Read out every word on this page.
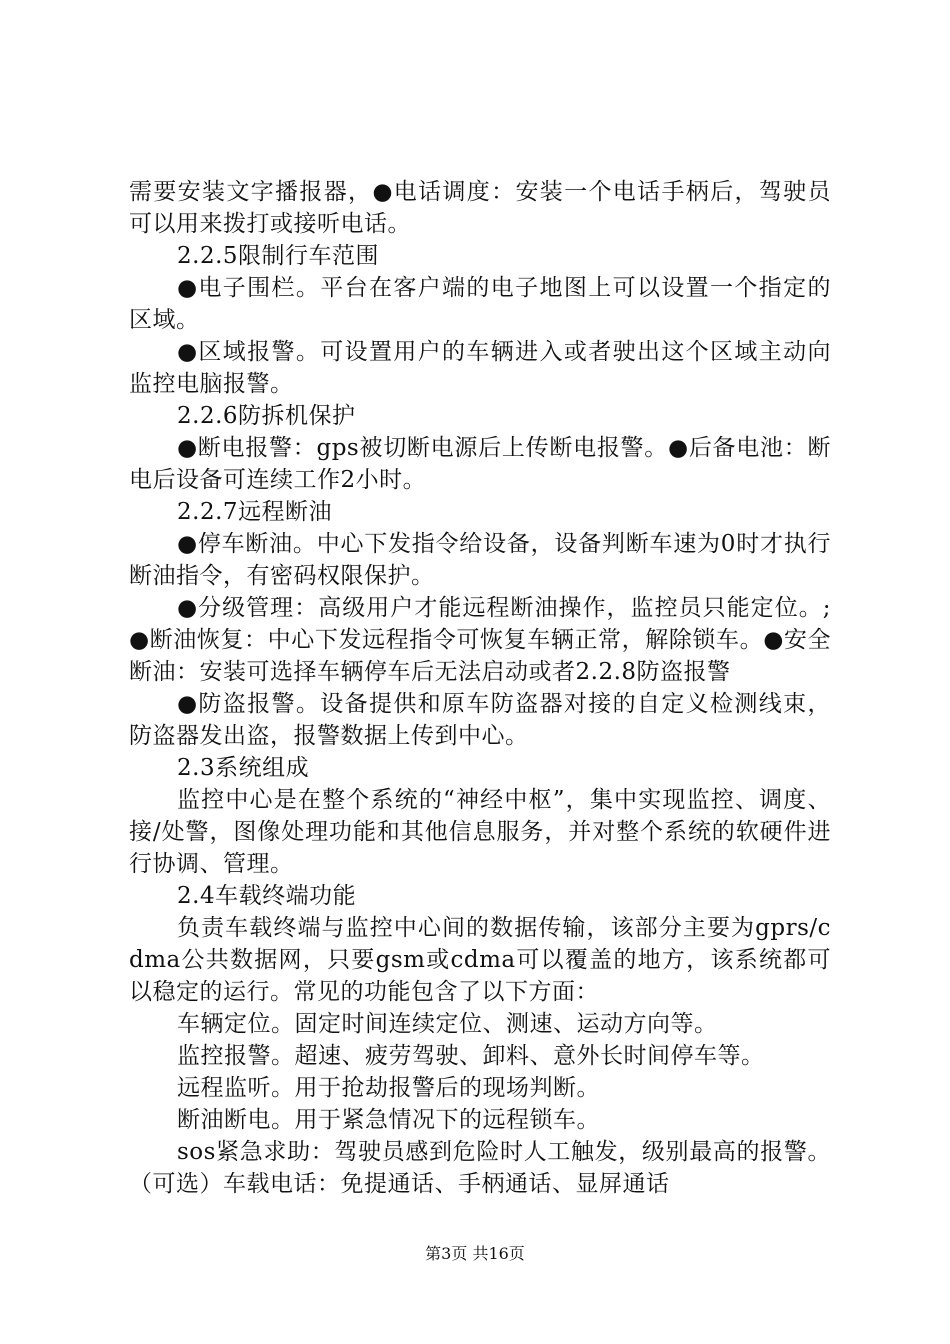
需要安装文字播报器，●电话调度：安装一个电话手柄后，驾驶员可以用来拨打或接听电话。

2.2.5限制行车范围

●电子围栏。平台在客户端的电子地图上可以设置一个指定的区域。

●区域报警。可设置用户的车辆进入或者驶出这个区域主动向监控电脑报警。

2.2.6防拆机保护

●断电报警：gps被切断电源后上传断电报警。●后备电池：断电后设备可连续工作2小时。

2.2.7远程断油

●停车断油。中心下发指令给设备，设备判断车速为0时才执行断油指令，有密码权限保护。

●分级管理：高级用户才能远程断油操作，监控员只能定位。;●断油恢复：中心下发远程指令可恢复车辆正常，解除锁车。●安全断油：安装可选择车辆停车后无法启动或者2.2.8防盗报警

●防盗报警。设备提供和原车防盗器对接的自定义检测线束，防盗器发出盗，报警数据上传到中心。

2.3系统组成

监控中心是在整个系统的“神经中枢”，集中实现监控、调度、接/处警，图像处理功能和其他信息服务，并对整个系统的软硬件进行协调、管理。

2.4车载终端功能

负责车载终端与监控中心间的数据传输，该部分主要为gprs/cdma公共数据网，只要gsm或cdma可以覆盖的地方，该系统都可以稳定的运行。常见的功能包含了以下方面：

车辆定位。固定时间连续定位、测速、运动方向等。

监控报警。超速、疲劳驾驶、卸料、意外长时间停车等。

远程监听。用于抢劫报警后的现场判断。

断油断电。用于紧急情况下的远程锁车。

sos紧急求助：驾驶员感到危险时人工触发，级别最高的报警。（可选）车载电话：免提通话、手柄通话、显屏通话

第3页 共16页
